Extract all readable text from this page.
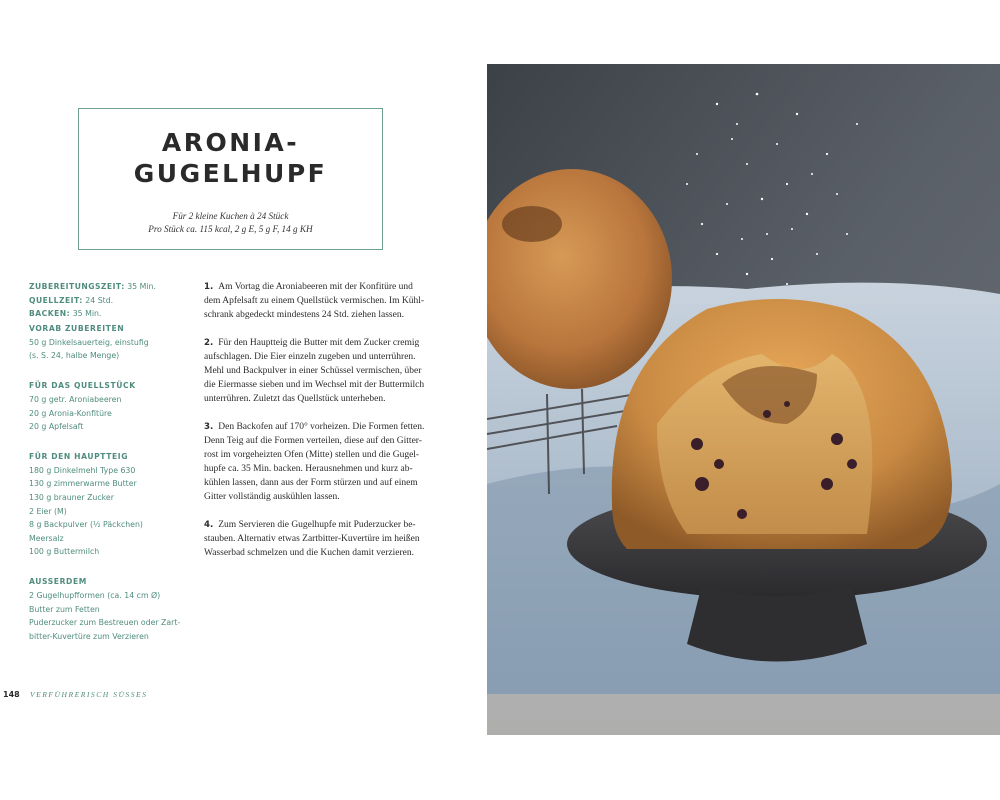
ARONIA-
GUGELHUPF
Für 2 kleine Kuchen à 24 Stück
Pro Stück ca. 115 kcal, 2 g E, 5 g F, 14 g KH
ZUBEREITUNGSZEIT: 35 Min.
QUELLZEIT: 24 Std.
BACKEN: 35 Min.
VORAB ZUBEREITEN
50 g Dinkelsauerteig, einstufig
(s. S. 24, halbe Menge)
FÜR DAS QUELLSTÜCK
70 g getr. Aroniabeeren
20 g Aronia-Konfitüre
20 g Apfelsaft
FÜR DEN HAUPTTEIG
180 g Dinkelmehl Type 630
130 g zimmerwarme Butter
130 g brauner Zucker
2 Eier (M)
8 g Backpulver (½ Päckchen)
Meersalz
100 g Buttermilch
AUSSERDEM
2 Gugelhupfformen (ca. 14 cm Ø)
Butter zum Fetten
Puderzucker zum Bestreuen oder Zart-
bitter-Kuvertüre zum Verzieren
1. Am Vortag die Aroniabeeren mit der Konfitüre und
dem Apfelsaft zu einem Quellstück vermischen. Im Kühl-
schrank abgedeckt mindestens 24 Std. ziehen lassen.
2. Für den Hauptteig die Butter mit dem Zucker cremig
aufschlagen. Die Eier einzeln zugeben und unterrühren.
Mehl und Backpulver in einer Schüssel vermischen, über
die Eiermasse sieben und im Wechsel mit der Buttermilch
unterrühren. Zuletzt das Quellstück unterheben.
3. Den Backofen auf 170° vorheizen. Die Formen fetten.
Denn Teig auf die Formen verteilen, diese auf den Gitter-
rost im vorgeheizten Ofen (Mitte) stellen und die Gugel-
hupfe ca. 35 Min. backen. Herausnehmen und kurz ab-
kühlen lassen, dann aus der Form stürzen und auf einem
Gitter vollständig auskühlen lassen.
4. Zum Servieren die Gugelhupfe mit Puderzucker be-
stauben. Alternativ etwas Zartbitter-Kuvertüre im heißen
Wasserbad schmelzen und die Kuchen damit verzieren.
148 VERFÜHRERISCH SÜSSES
